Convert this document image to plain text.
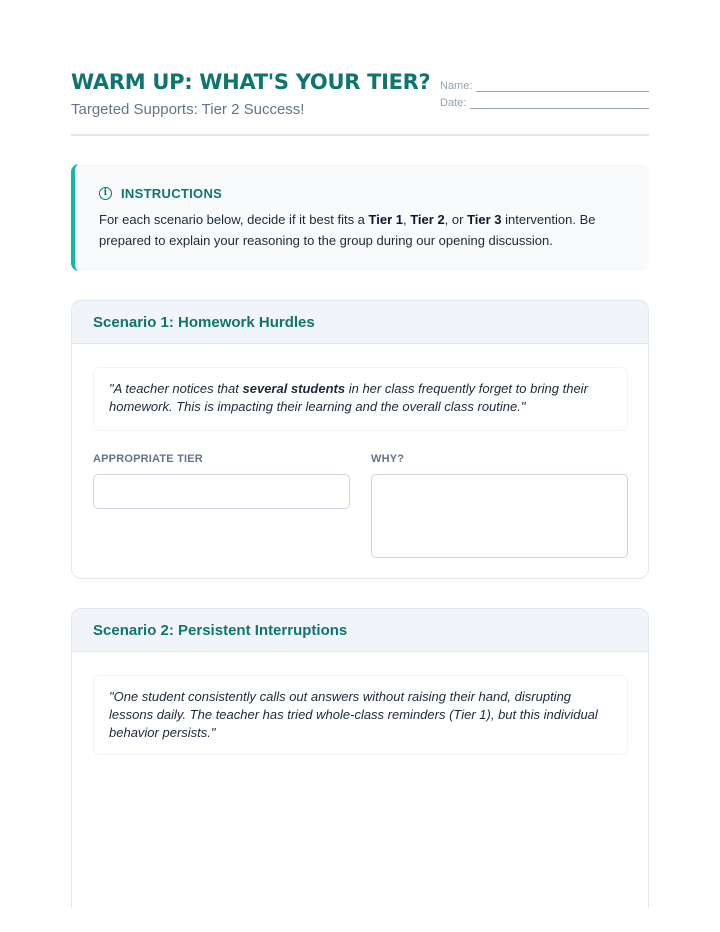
WARM UP: WHAT'S YOUR TIER?
Targeted Supports: Tier 2 Success!
Name:
Date:
i	INSTRUCTIONS

For each scenario below, decide if it best fits a Tier 1, Tier 2, or Tier 3 intervention. Be prepared to explain your reasoning to the group during our opening discussion.

Scenario 1: Homework Hurdles
"A teacher notices that several students in her class frequently forget to bring their homework. This is impacting their learning and the overall class routine."
APPROPRIATE TIER	WHY?
Scenario 2: Persistent Interruptions
"One student consistently calls out answers without raising their hand, disrupting lessons daily. The teacher has tried whole-class reminders (Tier 1), but this individual behavior persists."
